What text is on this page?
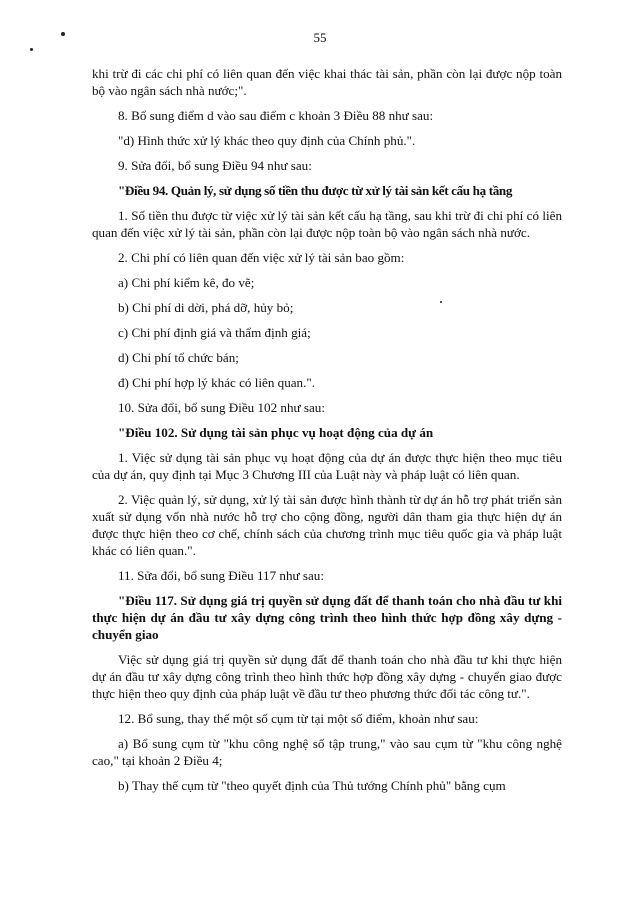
55

khi trừ đi các chi phí có liên quan đến việc khai thác tài sản, phần còn lại được nộp toàn bộ vào ngân sách nhà nước;".

8. Bổ sung điểm d vào sau điểm c khoản 3 Điều 88 như sau:

"d) Hình thức xử lý khác theo quy định của Chính phủ.".

9. Sửa đổi, bổ sung Điều 94 như sau:

"Điều 94. Quản lý, sử dụng số tiền thu được từ xử lý tài sản kết cấu hạ tầng

1. Số tiền thu được từ việc xử lý tài sản kết cấu hạ tầng, sau khi trừ đi chi phí có liên quan đến việc xử lý tài sản, phần còn lại được nộp toàn bộ vào ngân sách nhà nước.

2. Chi phí có liên quan đến việc xử lý tài sản bao gồm:

a) Chi phí kiểm kê, đo vẽ;

b) Chi phí di dời, phá dỡ, hủy bỏ;

c) Chi phí định giá và thẩm định giá;

d) Chi phí tổ chức bán;

đ) Chi phí hợp lý khác có liên quan.".

10. Sửa đổi, bổ sung Điều 102 như sau:

"Điều 102. Sử dụng tài sản phục vụ hoạt động của dự án

1. Việc sử dụng tài sản phục vụ hoạt động của dự án được thực hiện theo mục tiêu của dự án, quy định tại Mục 3 Chương III của Luật này và pháp luật có liên quan.

2. Việc quản lý, sử dụng, xử lý tài sản được hình thành từ dự án hỗ trợ phát triển sản xuất sử dụng vốn nhà nước hỗ trợ cho cộng đồng, người dân tham gia thực hiện dự án được thực hiện theo cơ chế, chính sách của chương trình mục tiêu quốc gia và pháp luật khác có liên quan.".

11. Sửa đổi, bổ sung Điều 117 như sau:

"Điều 117. Sử dụng giá trị quyền sử dụng đất để thanh toán cho nhà đầu tư khi thực hiện dự án đầu tư xây dựng công trình theo hình thức hợp đồng xây dựng - chuyển giao

Việc sử dụng giá trị quyền sử dụng đất để thanh toán cho nhà đầu tư khi thực hiện dự án đầu tư xây dựng công trình theo hình thức hợp đồng xây dựng - chuyển giao được thực hiện theo quy định của pháp luật về đầu tư theo phương thức đối tác công tư.".

12. Bổ sung, thay thế một số cụm từ tại một số điểm, khoản như sau:

a) Bổ sung cụm từ "khu công nghệ số tập trung," vào sau cụm từ "khu công nghệ cao," tại khoản 2 Điều 4;

b) Thay thế cụm từ "theo quyết định của Thủ tướng Chính phủ" bằng cụm
